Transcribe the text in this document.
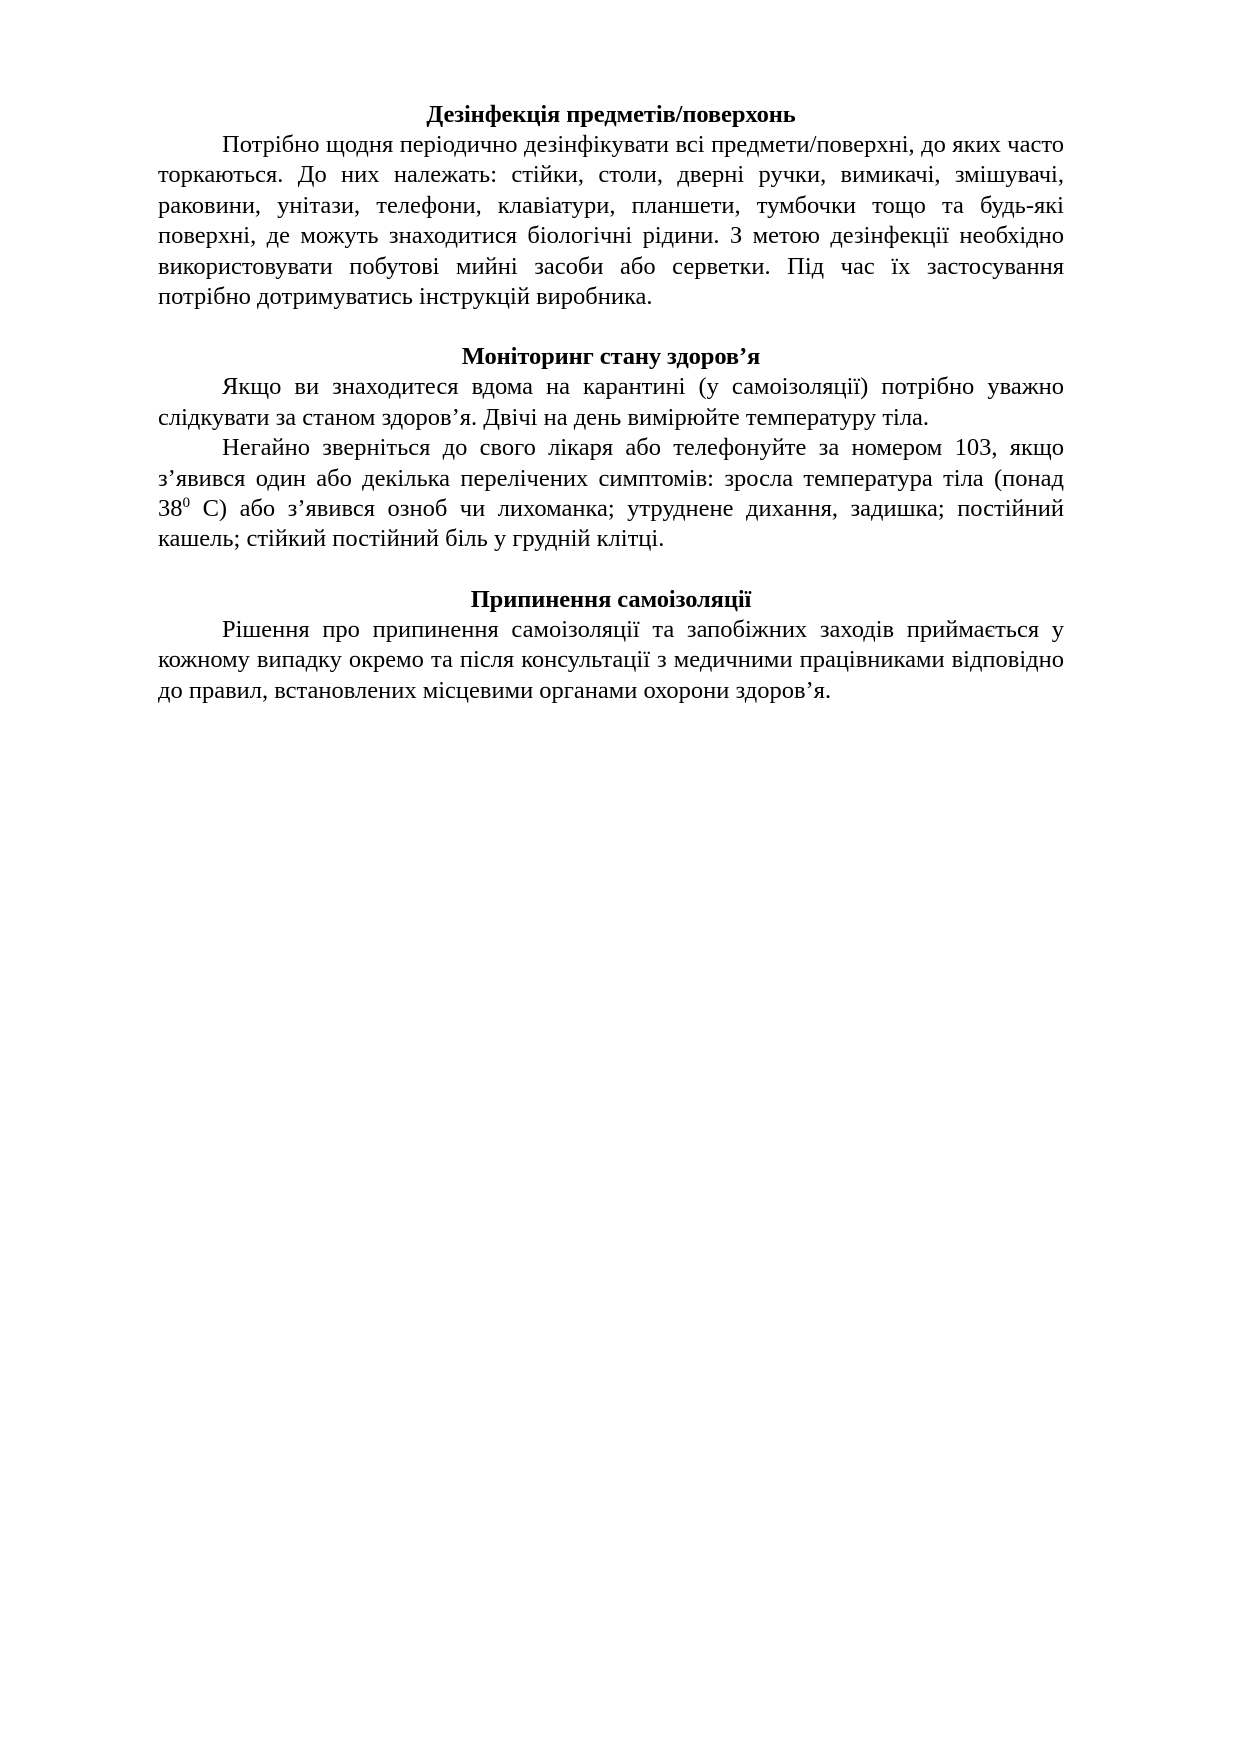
Дезінфекція предметів/поверхонь

Потрібно щодня періодично дезінфікувати всі предмети/поверхні, до яких часто торкаються. До них належать: стійки, столи, дверні ручки, вимикачі, змішувачі, раковини, унітази, телефони, клавіатури, планшети, тумбочки тощо та будь-які поверхні, де можуть знаходитися біологічні рідини. З метою дезінфекції необхідно використовувати побутові мийні засоби або серветки. Під час їх застосування потрібно дотримуватись інструкцій виробника.

Моніторинг стану здоров’я

Якщо ви знаходитеся вдома на карантині (у самоізоляції) потрібно уважно слідкувати за станом здоров’я. Двічі на день вимірюйте температуру тіла.

Негайно зверніться до свого лікаря або телефонуйте за номером 103, якщо з’явився один або декілька перелічених симптомів: зросла температура тіла (понад $38^0$ С) або з’явився озноб чи лихоманка; утруднене дихання, задишка; постійний кашель; стійкий постійний біль у грудній клітці.

Припинення самоізоляції

Рішення про припинення самоізоляції та запобіжних заходів приймається у кожному випадку окремо та після консультації з медичними працівниками відповідно до правил, встановлених місцевими органами охорони здоров’я.
